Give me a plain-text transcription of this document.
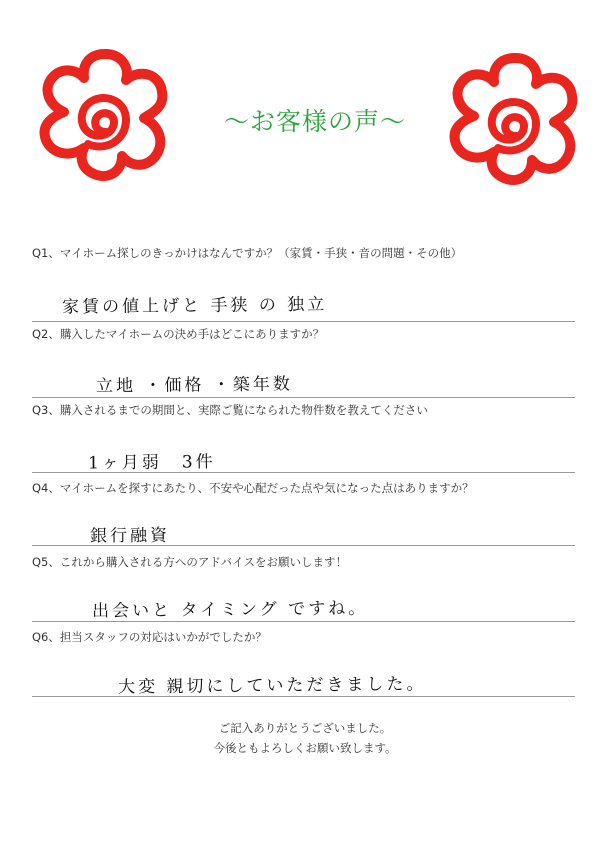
～お客様の声～
Q1、マイホーム探しのきっかけはなんですか？（家賃・手狭・音の問題・その他）
家賃の値上げと 手狭 の 独立
Q2、購入したマイホームの決め手はどこにありますか？
立地 ・価格 ・築年数
Q3、購入されるまでの期間と、実際ご覧になられた物件数を教えてください
1ヶ月弱　3件
Q4、マイホームを探すにあたり、不安や心配だった点や気になった点はありますか？
銀行融資
Q5、これから購入される方へのアドバイスをお願いします！
出会いと タイミング ですね。
Q6、担当スタッフの対応はいかがでしたか？
大変 親切にしていただきました。
ご記入ありがとうございました。
今後ともよろしくお願い致します。
